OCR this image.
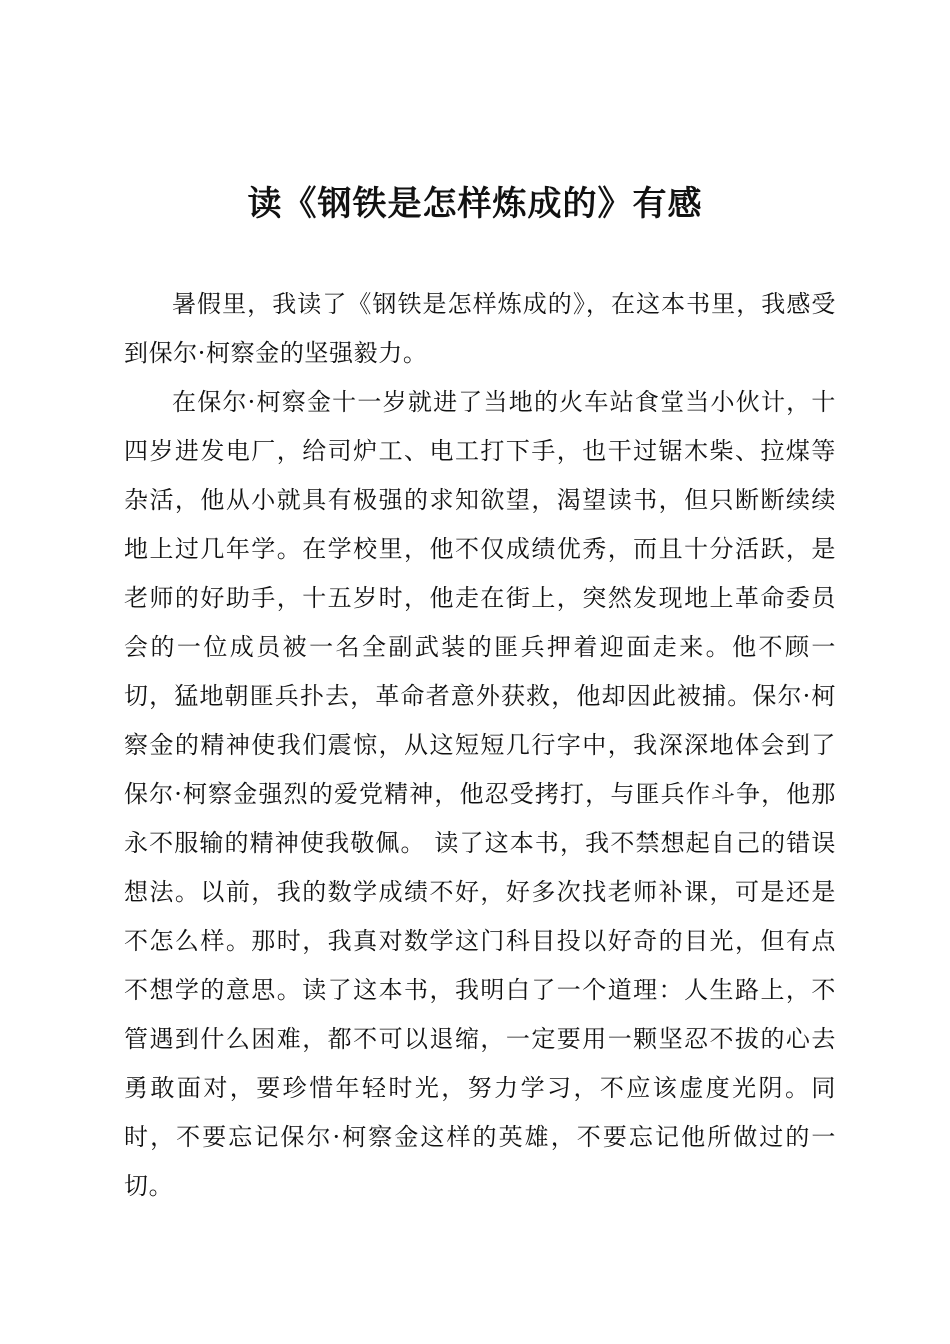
读《钢铁是怎样炼成的》有感

暑假里，我读了《钢铁是怎样炼成的》，在这本书里，我感受到保尔·柯察金的坚强毅力。

在保尔·柯察金十一岁就进了当地的火车站食堂当小伙计，十四岁进发电厂，给司炉工、电工打下手，也干过锯木柴、拉煤等杂活，他从小就具有极强的求知欲望，渴望读书，但只断断续续地上过几年学。在学校里，他不仅成绩优秀，而且十分活跃，是老师的好助手，十五岁时，他走在街上，突然发现地上革命委员会的一位成员被一名全副武装的匪兵押着迎面走来。他不顾一切，猛地朝匪兵扑去，革命者意外获救，他却因此被捕。保尔·柯察金的精神使我们震惊，从这短短几行字中，我深深地体会到了保尔·柯察金强烈的爱党精神，他忍受拷打，与匪兵作斗争，他那永不服输的精神使我敬佩。 读了这本书，我不禁想起自己的错误想法。以前，我的数学成绩不好，好多次找老师补课，可是还是不怎么样。那时，我真对数学这门科目投以好奇的目光，但有点不想学的意思。读了这本书，我明白了一个道理：人生路上，不管遇到什么困难，都不可以退缩，一定要用一颗坚忍不拔的心去勇敢面对，要珍惜年轻时光，努力学习，不应该虚度光阴。同时，不要忘记保尔·柯察金这样的英雄，不要忘记他所做过的一切。
